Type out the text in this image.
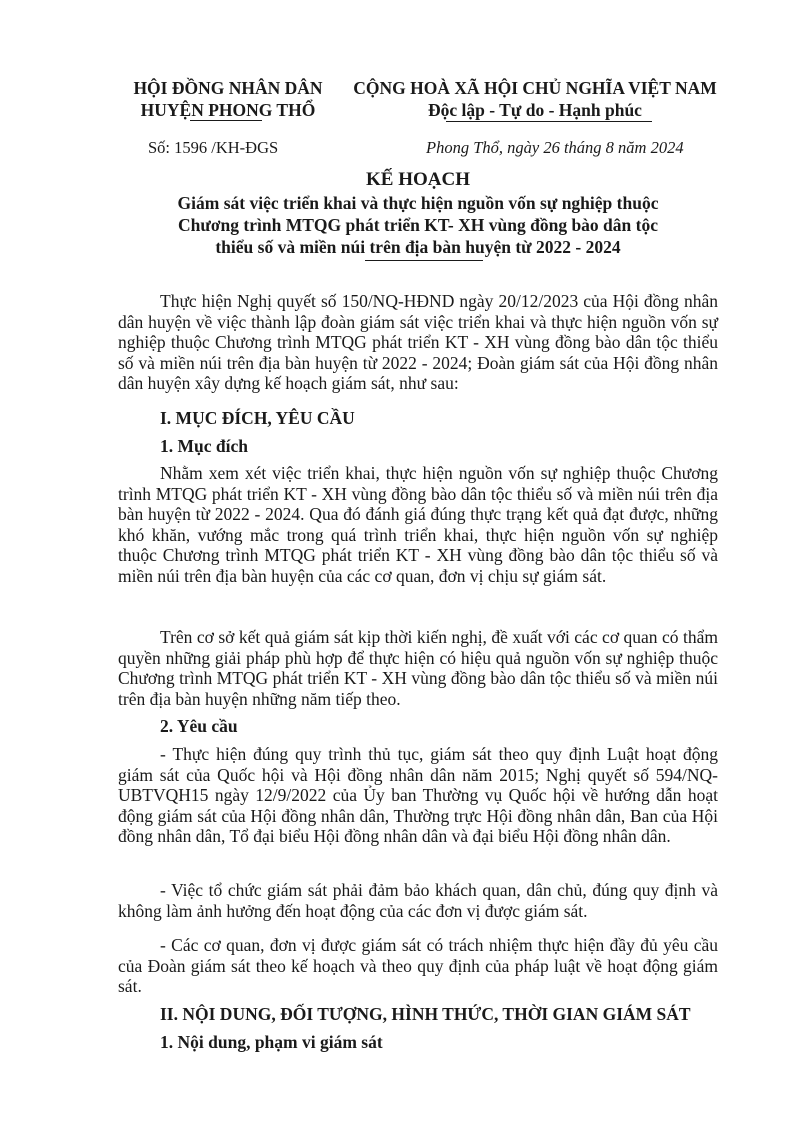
HỘI ĐỒNG NHÂN DÂN
HUYỆN PHONG THỔ
CỘNG HOÀ XÃ HỘI CHỦ NGHĨA VIỆT NAM
Độc lập - Tự do - Hạnh phúc
Số: 1596 /KH-ĐGS	Phong Thổ, ngày 26 tháng 8 năm 2024
KẾ HOẠCH
Giám sát việc triển khai và thực hiện nguồn vốn sự nghiệp thuộc
Chương trình MTQG phát triển KT- XH vùng đồng bào dân tộc
thiểu số và miền núi trên địa bàn huyện từ 2022 - 2024

Thực hiện Nghị quyết số 150/NQ-HĐND ngày 20/12/2023 của Hội đồng nhân dân huyện về việc thành lập đoàn giám sát việc triển khai và thực hiện nguồn vốn sự nghiệp thuộc Chương trình MTQG phát triển KT - XH vùng đồng bào dân tộc thiểu số và miền núi trên địa bàn huyện từ 2022 - 2024; Đoàn giám sát của Hội đồng nhân dân huyện xây dựng kế hoạch giám sát, như sau:

I. MỤC ĐÍCH, YÊU CẦU
1. Mục đích

Nhằm xem xét việc triển khai, thực hiện nguồn vốn sự nghiệp thuộc Chương trình MTQG phát triển KT - XH vùng đồng bào dân tộc thiểu số và miền núi trên địa bàn huyện từ 2022 - 2024. Qua đó đánh giá đúng thực trạng kết quả đạt được, những khó khăn, vướng mắc trong quá trình triển khai, thực hiện nguồn vốn sự nghiệp thuộc Chương trình MTQG phát triển KT - XH vùng đồng bào dân tộc thiểu số và miền núi trên địa bàn huyện của các cơ quan, đơn vị chịu sự giám sát.

Trên cơ sở kết quả giám sát kịp thời kiến nghị, đề xuất với các cơ quan có thẩm quyền những giải pháp phù hợp để thực hiện có hiệu quả nguồn vốn sự nghiệp thuộc Chương trình MTQG phát triển KT - XH vùng đồng bào dân tộc thiểu số và miền núi trên địa bàn huyện những năm tiếp theo.

2. Yêu cầu

- Thực hiện đúng quy trình thủ tục, giám sát theo quy định Luật hoạt động giám sát của Quốc hội và Hội đồng nhân dân năm 2015; Nghị quyết số 594/NQ-UBTVQH15 ngày 12/9/2022 của Ủy ban Thường vụ Quốc hội về hướng dẫn hoạt động giám sát của Hội đồng nhân dân, Thường trực Hội đồng nhân dân, Ban của Hội đồng nhân dân, Tổ đại biểu Hội đồng nhân dân và đại biểu Hội đồng nhân dân.

- Việc tổ chức giám sát phải đảm bảo khách quan, dân chủ, đúng quy định và không làm ảnh hưởng đến hoạt động của các đơn vị được giám sát.

- Các cơ quan, đơn vị được giám sát có trách nhiệm thực hiện đầy đủ yêu cầu của Đoàn giám sát theo kế hoạch và theo quy định của pháp luật về hoạt động giám sát.

II. NỘI DUNG, ĐỐI TƯỢNG, HÌNH THỨC, THỜI GIAN GIÁM SÁT
1. Nội dung, phạm vi giám sát
